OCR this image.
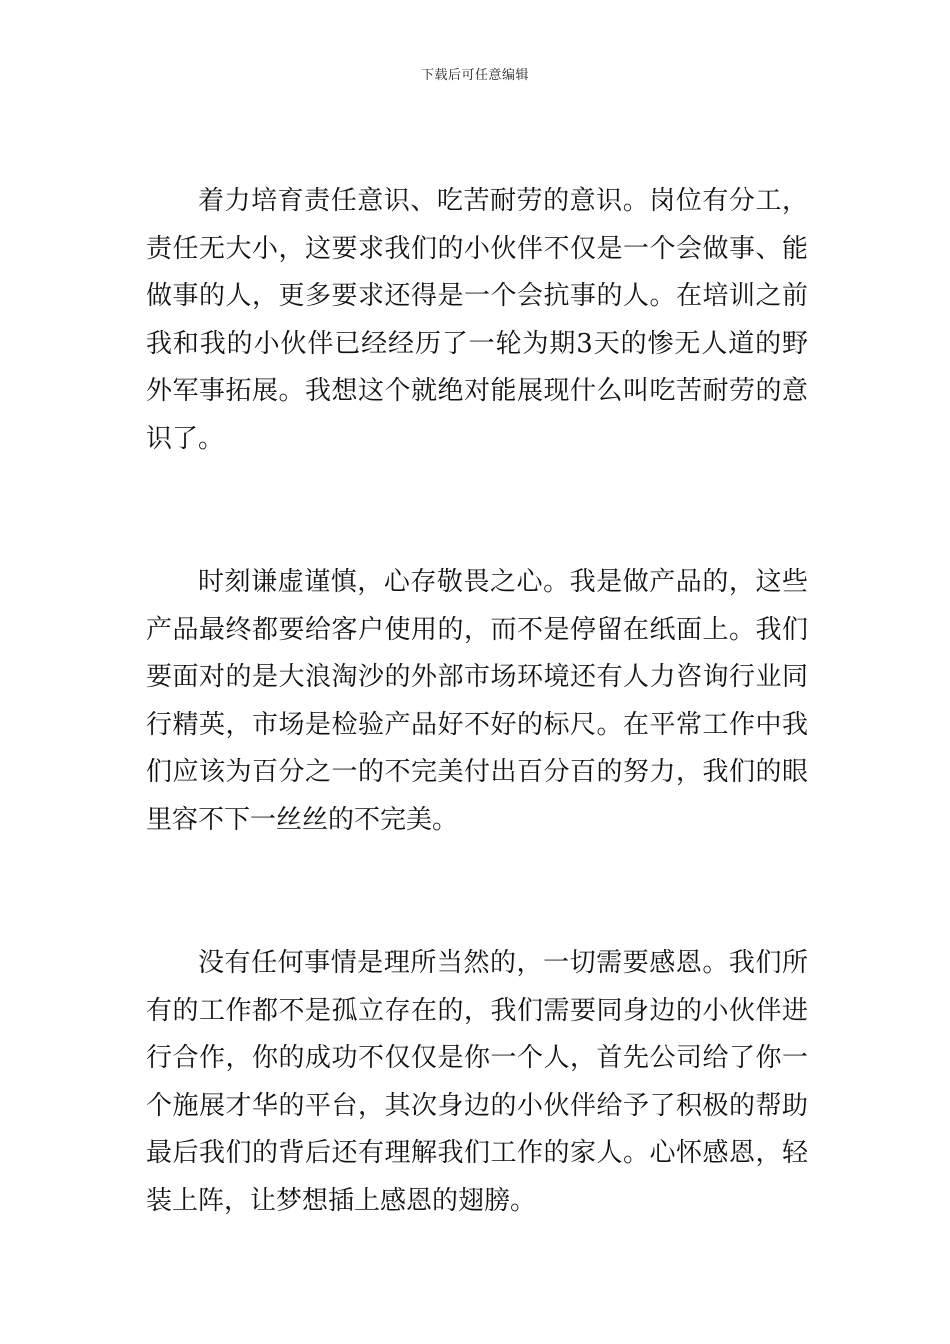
下载后可任意编辑

着力培育责任意识、吃苦耐劳的意识。岗位有分工，责任无大小，这要求我们的小伙伴不仅是一个会做事、能做事的人，更多要求还得是一个会抗事的人。在培训之前我和我的小伙伴已经经历了一轮为期3天的惨无人道的野外军事拓展。我想这个就绝对能展现什么叫吃苦耐劳的意识了。

时刻谦虚谨慎，心存敬畏之心。我是做产品的，这些产品最终都要给客户使用的，而不是停留在纸面上。我们要面对的是大浪淘沙的外部市场环境还有人力咨询行业同行精英，市场是检验产品好不好的标尺。在平常工作中我们应该为百分之一的不完美付出百分百的努力，我们的眼里容不下一丝丝的不完美。

没有任何事情是理所当然的，一切需要感恩。我们所有的工作都不是孤立存在的，我们需要同身边的小伙伴进行合作，你的成功不仅仅是你一个人，首先公司给了你一个施展才华的平台，其次身边的小伙伴给予了积极的帮助最后我们的背后还有理解我们工作的家人。心怀感恩，轻装上阵，让梦想插上感恩的翅膀。
